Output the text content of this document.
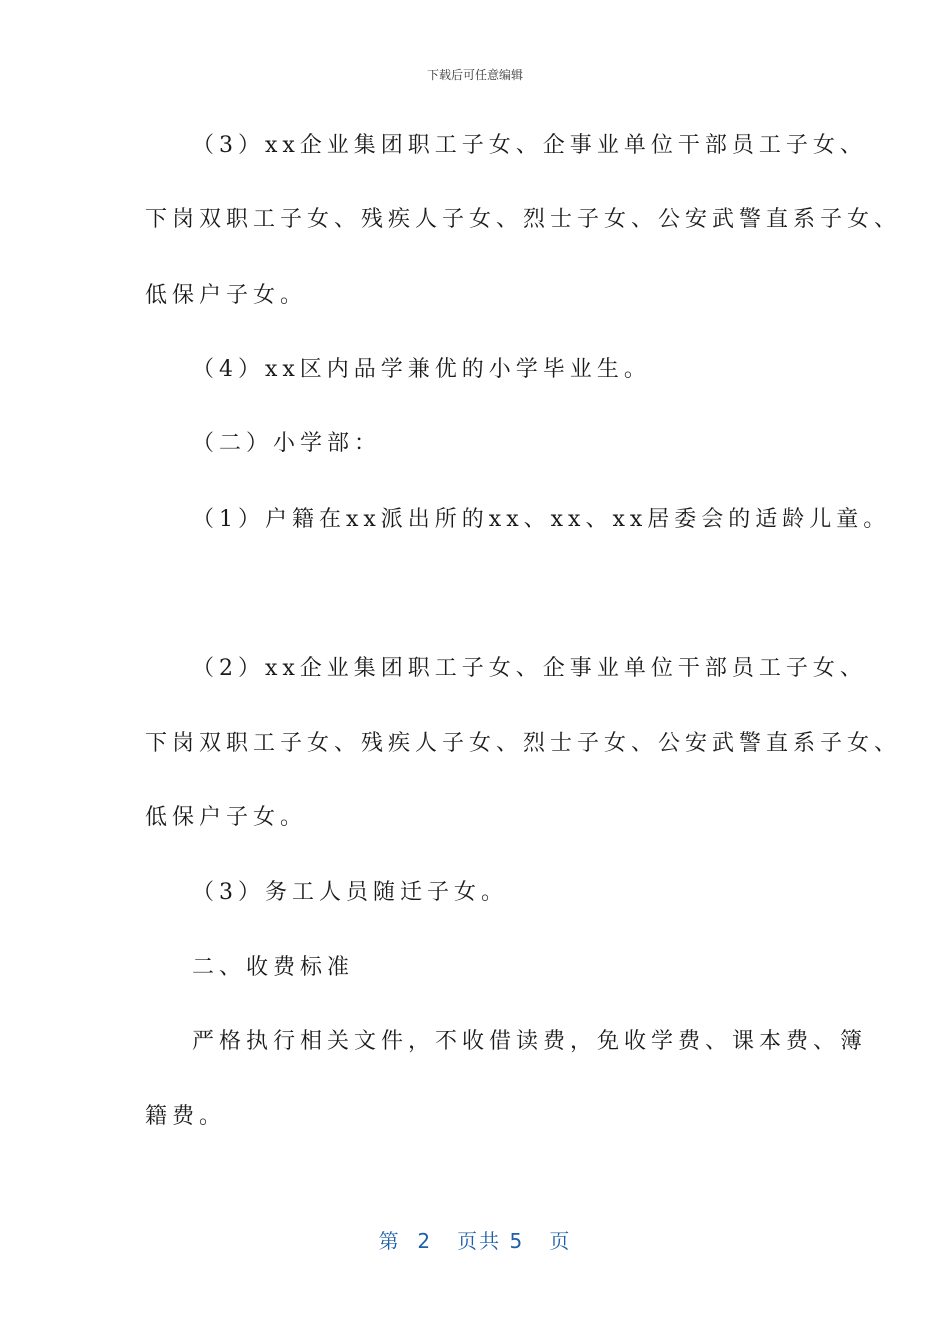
下载后可任意编辑
（3）xx企业集团职工子女、企事业单位干部员工子女、
下岗双职工子女、残疾人子女、烈士子女、公安武警直系子女、
低保户子女。
（4）xx区内品学兼优的小学毕业生。
（二）小学部：
（1）户籍在xx派出所的xx、xx、xx居委会的适龄儿童。
（2）xx企业集团职工子女、企事业单位干部员工子女、
下岗双职工子女、残疾人子女、烈士子女、公安武警直系子女、
低保户子女。
（3）务工人员随迁子女。
二、收费标准
严格执行相关文件，不收借读费，免收学费、课本费、簿
籍费。
第 2 页共 5 页
